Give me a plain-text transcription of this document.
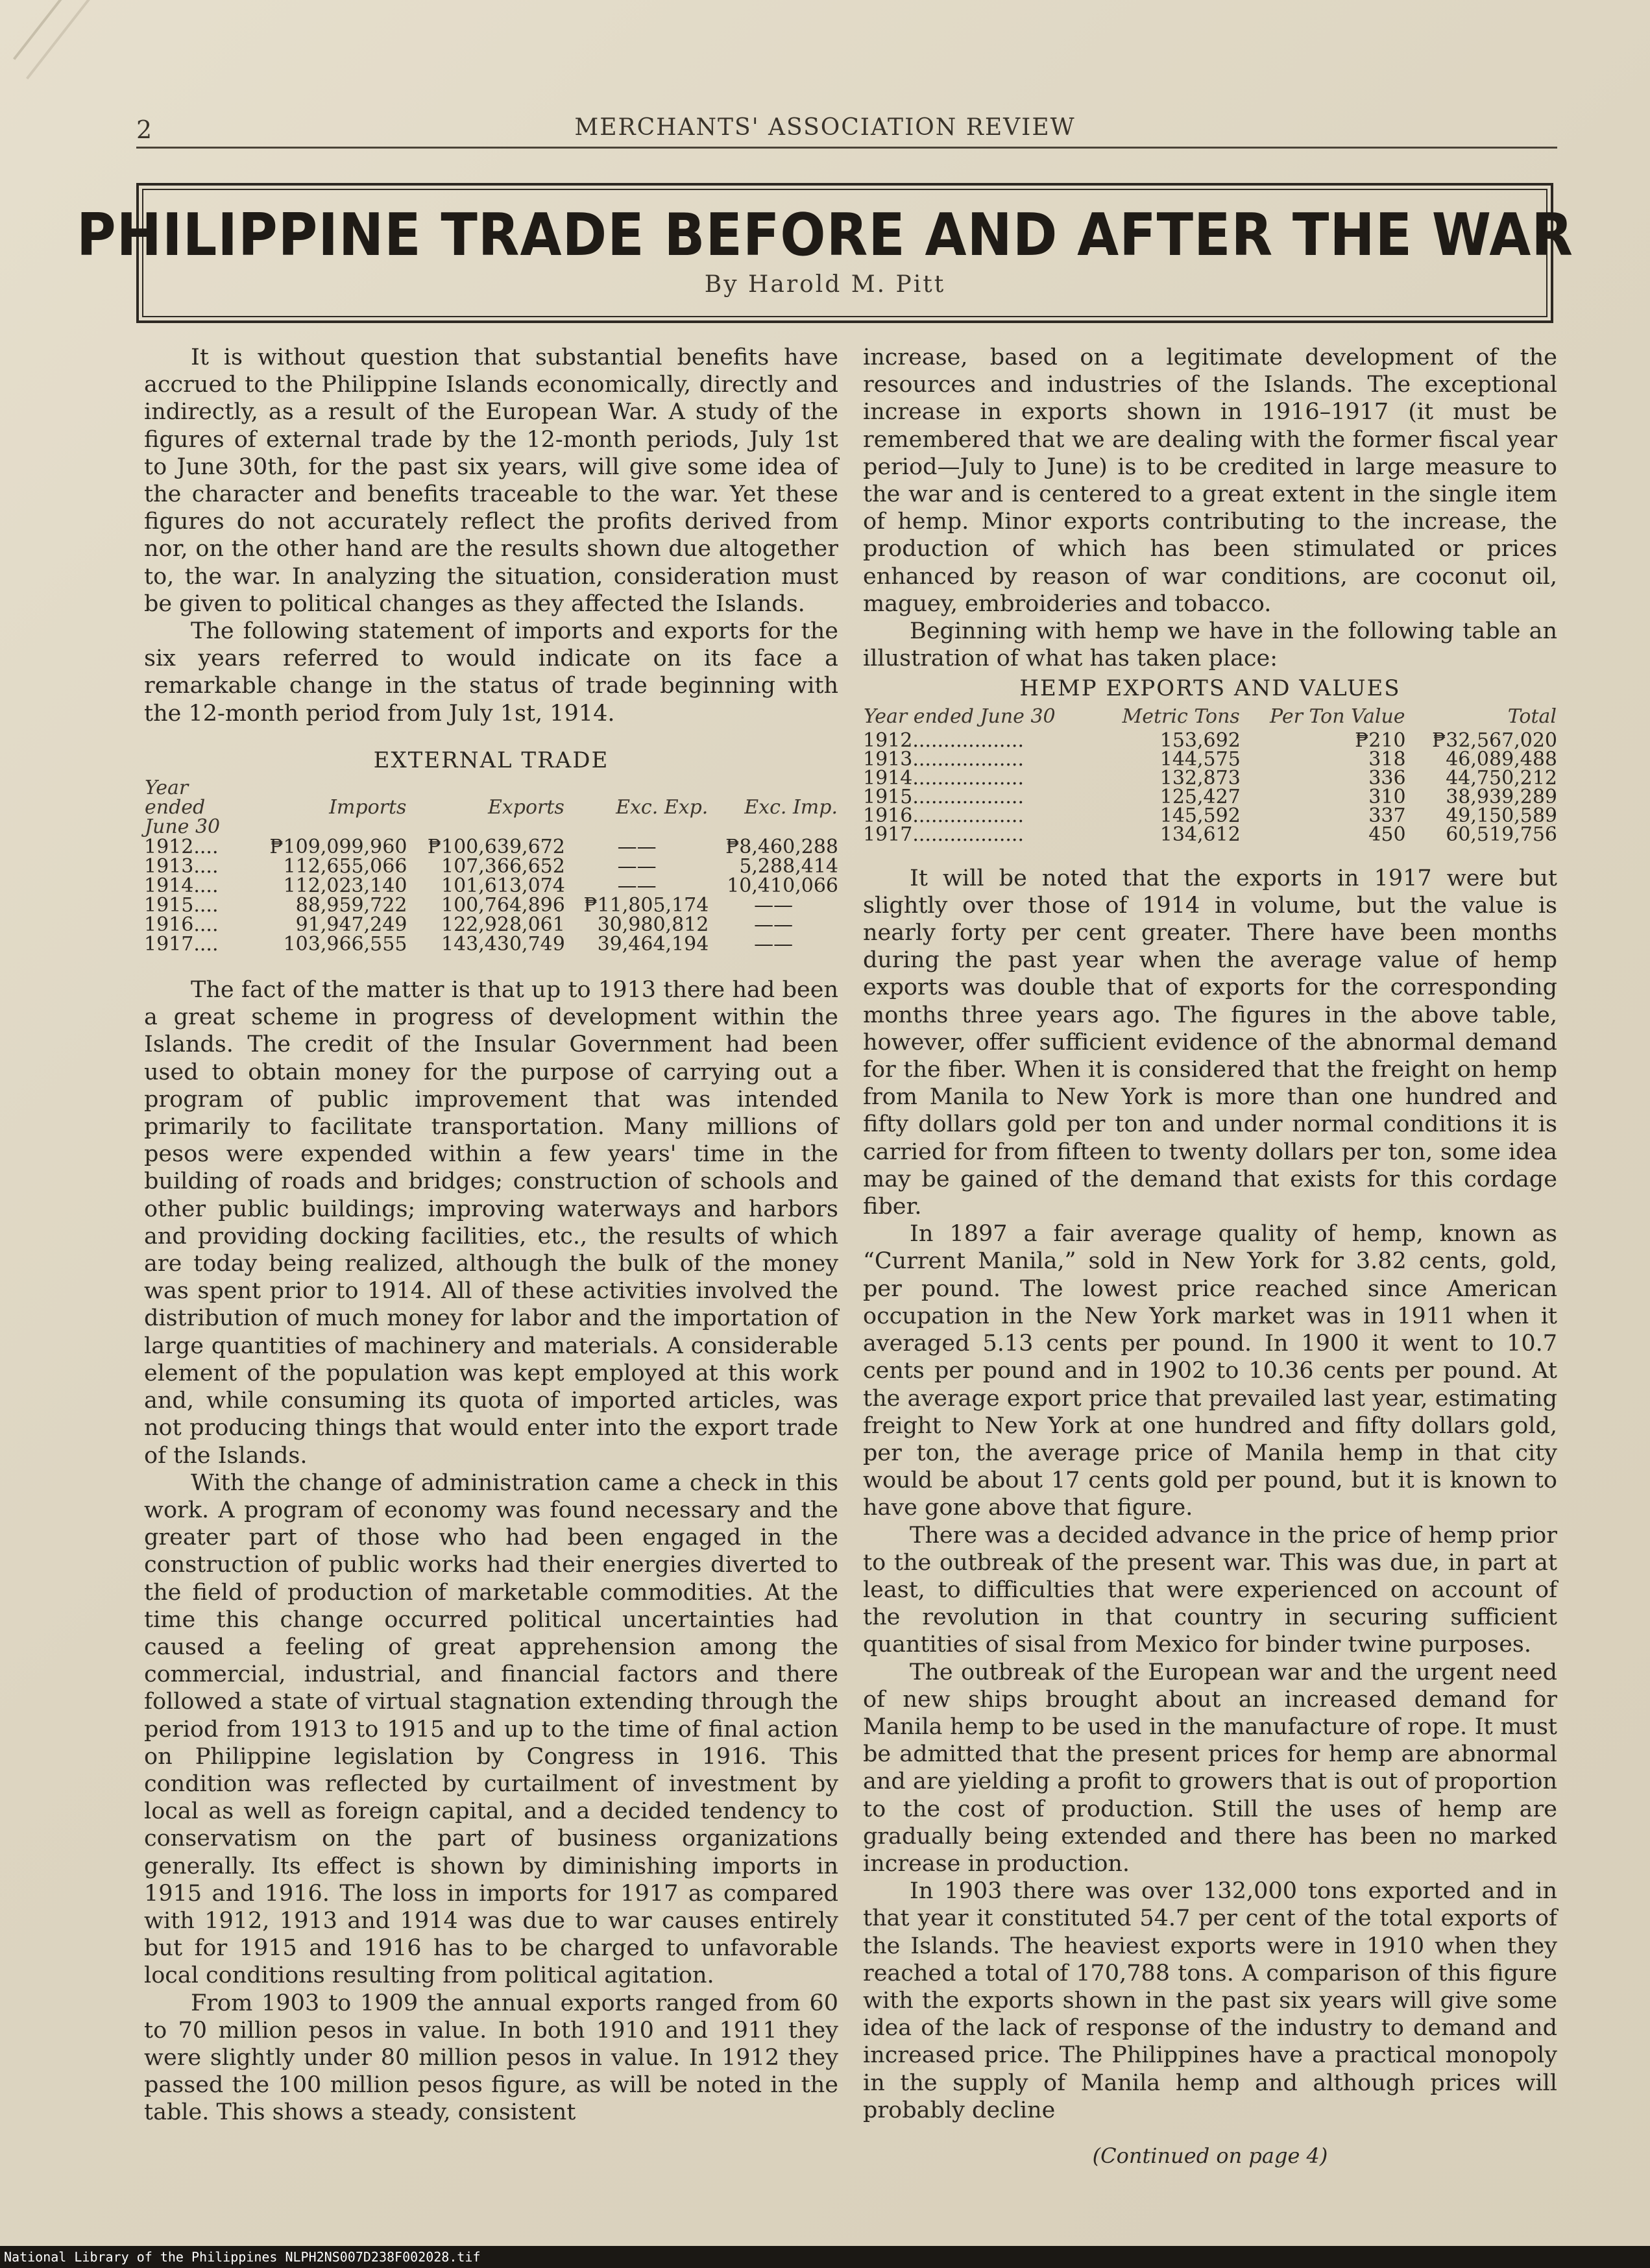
2	MERCHANTS' ASSOCIATION REVIEW
PHILIPPINE TRADE BEFORE AND AFTER THE WAR
By Harold M. Pitt

It is without question that substantial benefits have accrued to the Philippine Islands economically, directly and indirectly, as a result of the European War. A study of the figures of external trade by the 12-month periods, July 1st to June 30th, for the past six years, will give some idea of the character and benefits traceable to the war. Yet these figures do not accurately reflect the profits derived from nor, on the other hand are the results shown due altogether to, the war. In analyzing the situation, consideration must be given to political changes as they affected the Islands.

The following statement of imports and exports for the six years referred to would indicate on its face a remarkable change in the status of trade beginning with the 12-month period from July 1st, 1914.

EXTERNAL TRADE
Year ended June 30	Imports	Exports	Exc. Exp.	Exc. Imp.
1912....	₱109,099,960	₱100,639,672	——	₱8,460,288
1913....	112,655,066	107,366,652	——	5,288,414
1914....	112,023,140	101,613,074	——	10,410,066
1915....	88,959,722	100,764,896	₱11,805,174	——
1916....	91,947,249	122,928,061	30,980,812	——
1917....	103,966,555	143,430,749	39,464,194	——

The fact of the matter is that up to 1913 there had been a great scheme in progress of development within the Islands. The credit of the Insular Government had been used to obtain money for the purpose of carrying out a program of public improvement that was intended primarily to facilitate transportation. Many millions of pesos were expended within a few years' time in the building of roads and bridges; construction of schools and other public buildings; improving waterways and harbors and providing docking facilities, etc., the results of which are today being realized, although the bulk of the money was spent prior to 1914. All of these activities involved the distribution of much money for labor and the importation of large quantities of machinery and materials. A considerable element of the population was kept employed at this work and, while consuming its quota of imported articles, was not producing things that would enter into the export trade of the Islands.

With the change of administration came a check in this work. A program of economy was found necessary and the greater part of those who had been engaged in the construction of public works had their energies diverted to the field of production of marketable commodities. At the time this change occurred political uncertainties had caused a feeling of great apprehension among the commercial, industrial, and financial factors and there followed a state of virtual stagnation extending through the period from 1913 to 1915 and up to the time of final action on Philippine legislation by Congress in 1916. This condition was reflected by curtailment of investment by local as well as foreign capital, and a decided tendency to conservatism on the part of business organizations generally. Its effect is shown by diminishing imports in 1915 and 1916. The loss in imports for 1917 as compared with 1912, 1913 and 1914 was due to war causes entirely but for 1915 and 1916 has to be charged to unfavorable local conditions resulting from political agitation.

From 1903 to 1909 the annual exports ranged from 60 to 70 million pesos in value. In both 1910 and 1911 they were slightly under 80 million pesos in value. In 1912 they passed the 100 million pesos figure, as will be noted in the table. This shows a steady, consistent

increase, based on a legitimate development of the resources and industries of the Islands. The exceptional increase in exports shown in 1916–1917 (it must be remembered that we are dealing with the former fiscal year period—July to June) is to be credited in large measure to the war and is centered to a great extent in the single item of hemp. Minor exports contributing to the increase, the production of which has been stimulated or prices enhanced by reason of war conditions, are coconut oil, maguey, embroideries and tobacco.

Beginning with hemp we have in the following table an illustration of what has taken place:

HEMP EXPORTS AND VALUES
Year ended June 30	Metric Tons	Per Ton Value	Total
1912..................	153,692	₱210	₱32,567,020
1913..................	144,575	318	46,089,488
1914..................	132,873	336	44,750,212
1915..................	125,427	310	38,939,289
1916..................	145,592	337	49,150,589
1917..................	134,612	450	60,519,756

It will be noted that the exports in 1917 were but slightly over those of 1914 in volume, but the value is nearly forty per cent greater. There have been months during the past year when the average value of hemp exports was double that of exports for the corresponding months three years ago. The figures in the above table, however, offer sufficient evidence of the abnormal demand for the fiber. When it is considered that the freight on hemp from Manila to New York is more than one hundred and fifty dollars gold per ton and under normal conditions it is carried for from fifteen to twenty dollars per ton, some idea may be gained of the demand that exists for this cordage fiber.

In 1897 a fair average quality of hemp, known as “Current Manila,” sold in New York for 3.82 cents, gold, per pound. The lowest price reached since American occupation in the New York market was in 1911 when it averaged 5.13 cents per pound. In 1900 it went to 10.7 cents per pound and in 1902 to 10.36 cents per pound. At the average export price that prevailed last year, estimating freight to New York at one hundred and fifty dollars gold, per ton, the average price of Manila hemp in that city would be about 17 cents gold per pound, but it is known to have gone above that figure.

There was a decided advance in the price of hemp prior to the outbreak of the present war. This was due, in part at least, to difficulties that were experienced on account of the revolution in that country in securing sufficient quantities of sisal from Mexico for binder twine purposes.

The outbreak of the European war and the urgent need of new ships brought about an increased demand for Manila hemp to be used in the manufacture of rope. It must be admitted that the present prices for hemp are abnormal and are yielding a profit to growers that is out of proportion to the cost of production. Still the uses of hemp are gradually being extended and there has been no marked increase in production.

In 1903 there was over 132,000 tons exported and in that year it constituted 54.7 per cent of the total exports of the Islands. The heaviest exports were in 1910 when they reached a total of 170,788 tons. A comparison of this figure with the exports shown in the past six years will give some idea of the lack of response of the industry to demand and increased price. The Philippines have a practical monopoly in the supply of Manila hemp and although prices will probably decline

(Continued on page 4)
National Library of the Philippines NLPH2NS007D238F002028.tif
